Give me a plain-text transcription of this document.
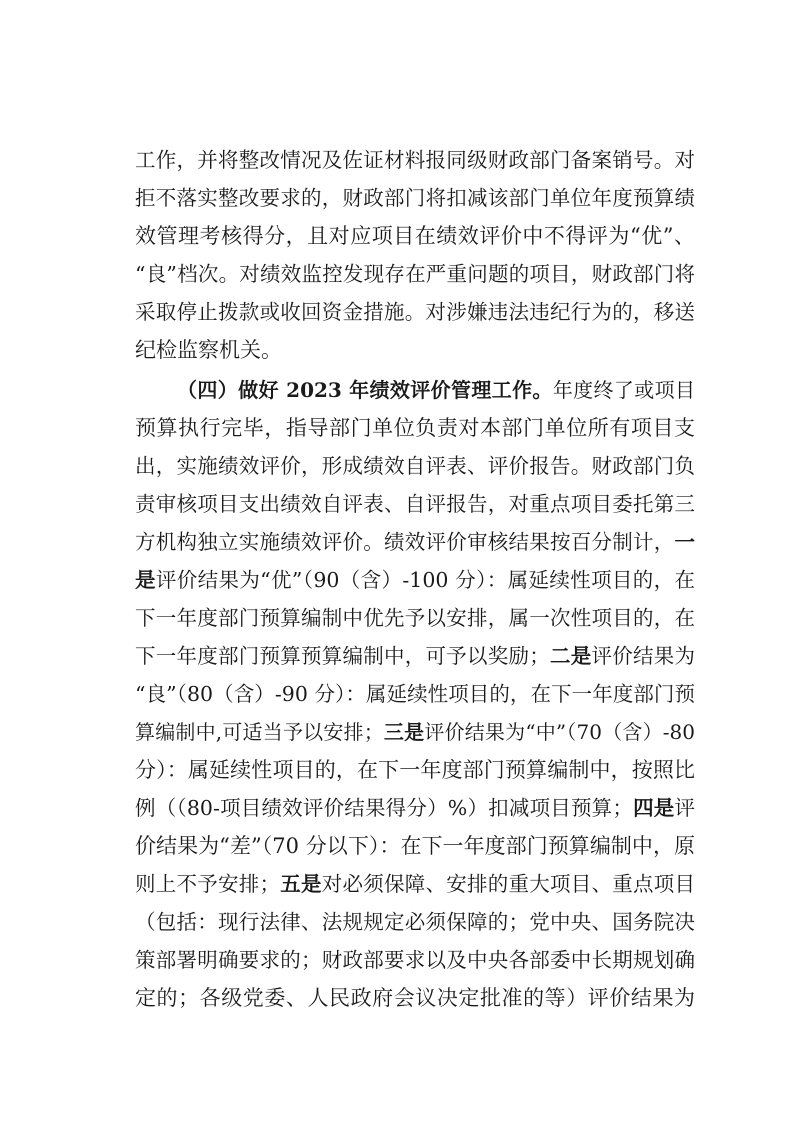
工作，并将整改情况及佐证材料报同级财政部门备案销号。对
拒不落实整改要求的，财政部门将扣减该部门单位年度预算绩
效管理考核得分，且对应项目在绩效评价中不得评为“优”、
“良”档次。对绩效监控发现存在严重问题的项目，财政部门将
采取停止拨款或收回资金措施。对涉嫌违法违纪行为的，移送
纪检监察机关。
（四）做好 2023 年绩效评价管理工作。年度终了或项目
预算执行完毕，指导部门单位负责对本部门单位所有项目支
出，实施绩效评价，形成绩效自评表、评价报告。财政部门负
责审核项目支出绩效自评表、自评报告，对重点项目委托第三
方机构独立实施绩效评价。绩效评价审核结果按百分制计，一
是评价结果为“优”（90（含）-100 分）：属延续性项目的，在
下一年度部门预算编制中优先予以安排，属一次性项目的，在
下一年度部门预算预算编制中，可予以奖励；二是评价结果为
“良”（80（含）-90 分）：属延续性项目的，在下一年度部门预
算编制中,可适当予以安排；三是评价结果为“中”（70（含）-80
分）：属延续性项目的，在下一年度部门预算编制中，按照比
例（（80-项目绩效评价结果得分）%）扣减项目预算；四是评
价结果为“差”（70 分以下）：在下一年度部门预算编制中，原
则上不予安排；五是对必须保障、安排的重大项目、重点项目
（包括：现行法律、法规规定必须保障的；党中央、国务院决
策部署明确要求的；财政部要求以及中央各部委中长期规划确
定的；各级党委、人民政府会议决定批准的等）评价结果为
